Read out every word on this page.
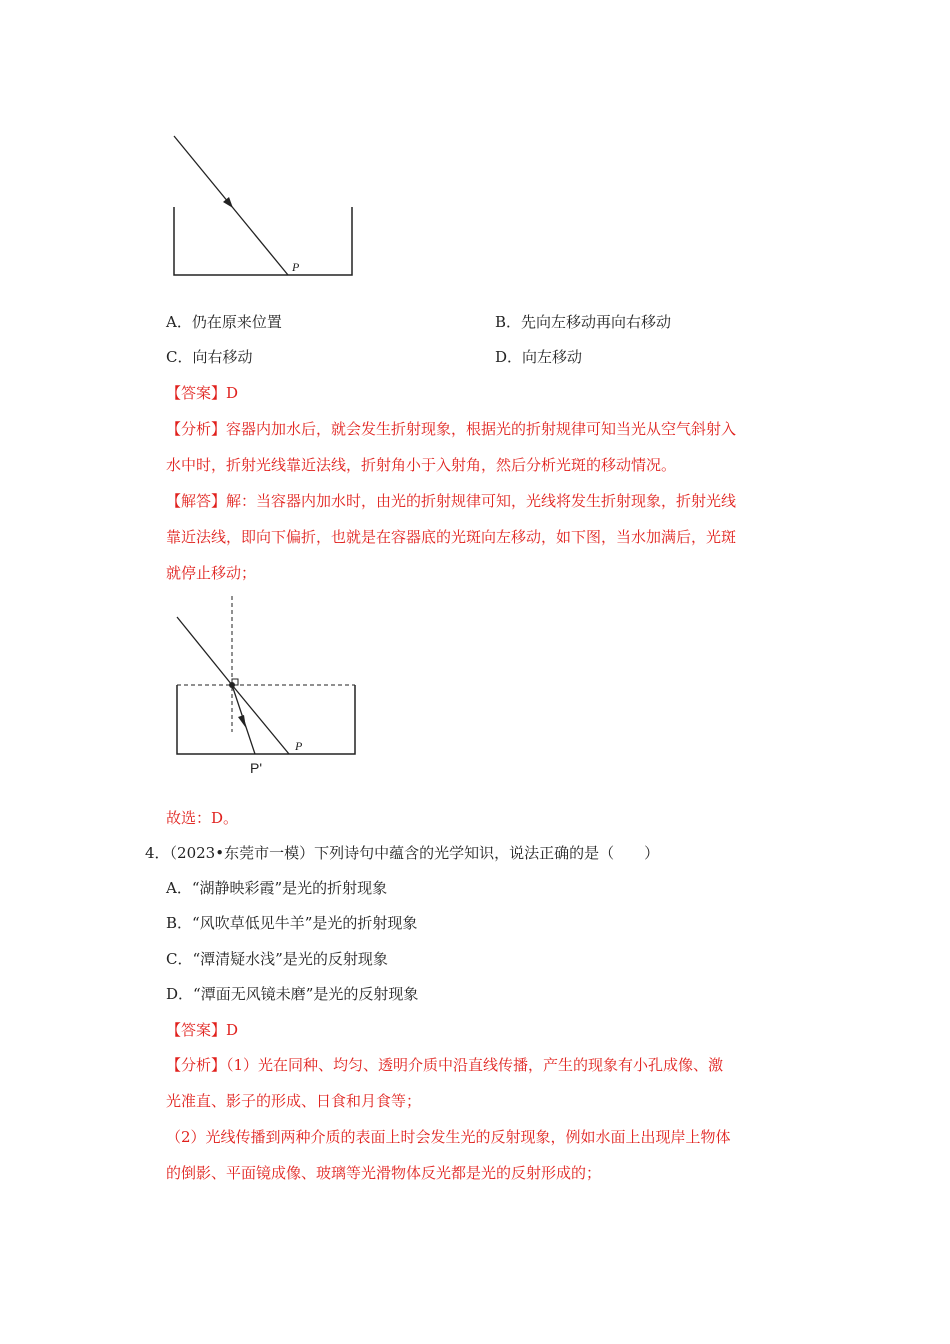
P
A．仍在原来位置	B．先向左移动再向右移动
C．向右移动	D．向左移动
【答案】D
【分析】容器内加水后，就会发生折射现象，根据光的折射规律可知当光从空气斜射入
水中时，折射光线靠近法线，折射角小于入射角，然后分析光斑的移动情况。
【解答】解：当容器内加水时，由光的折射规律可知，光线将发生折射现象，折射光线
靠近法线，即向下偏折，也就是在容器底的光斑向左移动，如下图，当水加满后，光斑
就停止移动；
P
P'
故选：D。
4．（2023•东莞市一模）下列诗句中蕴含的光学知识，说法正确的是（　　）
A．“湖静映彩霞”是光的折射现象
B．“风吹草低见牛羊”是光的折射现象
C．“潭清疑水浅”是光的反射现象
D．“潭面无风镜未磨”是光的反射现象
【答案】D
【分析】（1）光在同种、均匀、透明介质中沿直线传播，产生的现象有小孔成像、激
光准直、影子的形成、日食和月食等；
（2）光线传播到两种介质的表面上时会发生光的反射现象，例如水面上出现岸上物体
的倒影、平面镜成像、玻璃等光滑物体反光都是光的反射形成的；
